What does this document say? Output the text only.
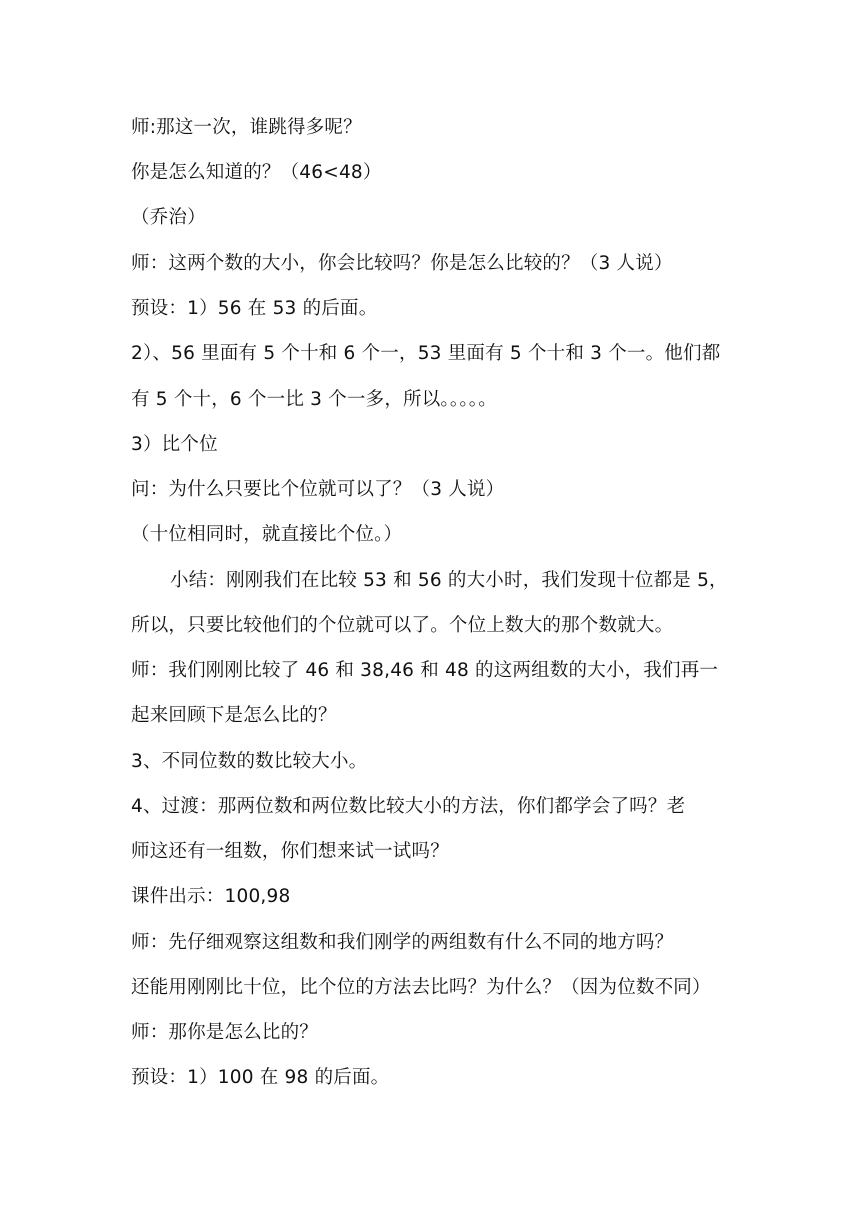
师:那这一次，谁跳得多呢？
你是怎么知道的？（46<48）
（乔治）
师：这两个数的大小，你会比较吗？你是怎么比较的？（3 人说）
预设：1）56 在 53 的后面。
2）、56 里面有 5 个十和 6 个一，53 里面有 5 个十和 3 个一。他们都
有 5 个十，6 个一比 3 个一多，所以。。。。。
3）比个位
问：为什么只要比个位就可以了？（3 人说）
（十位相同时，就直接比个位。）
小结：刚刚我们在比较 53 和 56 的大小时，我们发现十位都是 5，
所以，只要比较他们的个位就可以了。个位上数大的那个数就大。
师：我们刚刚比较了 46 和 38,46 和 48 的这两组数的大小，我们再一
起来回顾下是怎么比的？
3、不同位数的数比较大小。
4、过渡：那两位数和两位数比较大小的方法，你们都学会了吗？老
师这还有一组数，你们想来试一试吗？
课件出示：100,98
师：先仔细观察这组数和我们刚学的两组数有什么不同的地方吗？
还能用刚刚比十位，比个位的方法去比吗？为什么？（因为位数不同）
师：那你是怎么比的？
预设：1）100 在 98 的后面。
